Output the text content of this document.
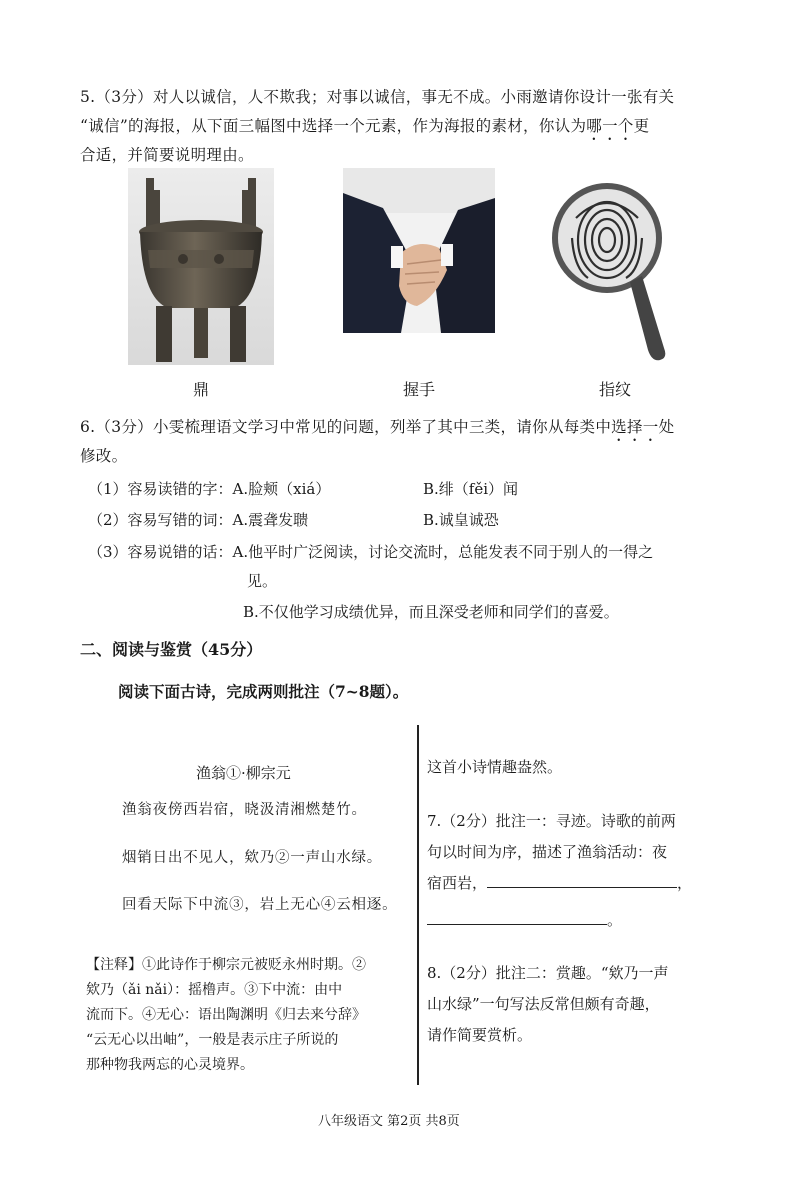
5.（3分）对人以诚信，人不欺我；对事以诚信，事无不成。小雨邀请你设计一张有关
“诚信”的海报，从下面三幅图中选择一个元素，作为海报的素材，你认为哪一个更
合适，并简要说明理由。
鼎	握手	指纹
6.（3分）小雯梳理语文学习中常见的问题，列举了其中三类，请你从每类中选择一处
修改。
（1）容易读错的字：A.脸颊（xiá）	B.绯（fěi）闻
（2）容易写错的词：A.震聋发聩	B.诚皇诚恐
（3）容易说错的话：A.他平时广泛阅读，讨论交流时，总能发表不同于别人的一得之
见。
B.不仅他学习成绩优异，而且深受老师和同学们的喜爱。
二、阅读与鉴赏（45分）
阅读下面古诗，完成两则批注（7~8题）。
渔翁①·柳宗元
渔翁夜傍西岩宿，晓汲清湘燃楚竹。
烟销日出不见人，欸乃②一声山水绿。
回看天际下中流③，岩上无心④云相逐。
【注释】①此诗作于柳宗元被贬永州时期。②
欸乃（ǎi nǎi）：摇橹声。③下中流：由中
流而下。④无心：语出陶渊明《归去来兮辞》
“云无心以出岫”，一般是表示庄子所说的
那种物我两忘的心灵境界。
这首小诗情趣盎然。
7.（2分）批注一：寻迹。诗歌的前两
句以时间为序，描述了渔翁活动：夜
宿西岩，	，
。
8.（2分）批注二：赏趣。“欸乃一声
山水绿”一句写法反常但颇有奇趣，
请作简要赏析。
八年级语文 第2页 共8页
